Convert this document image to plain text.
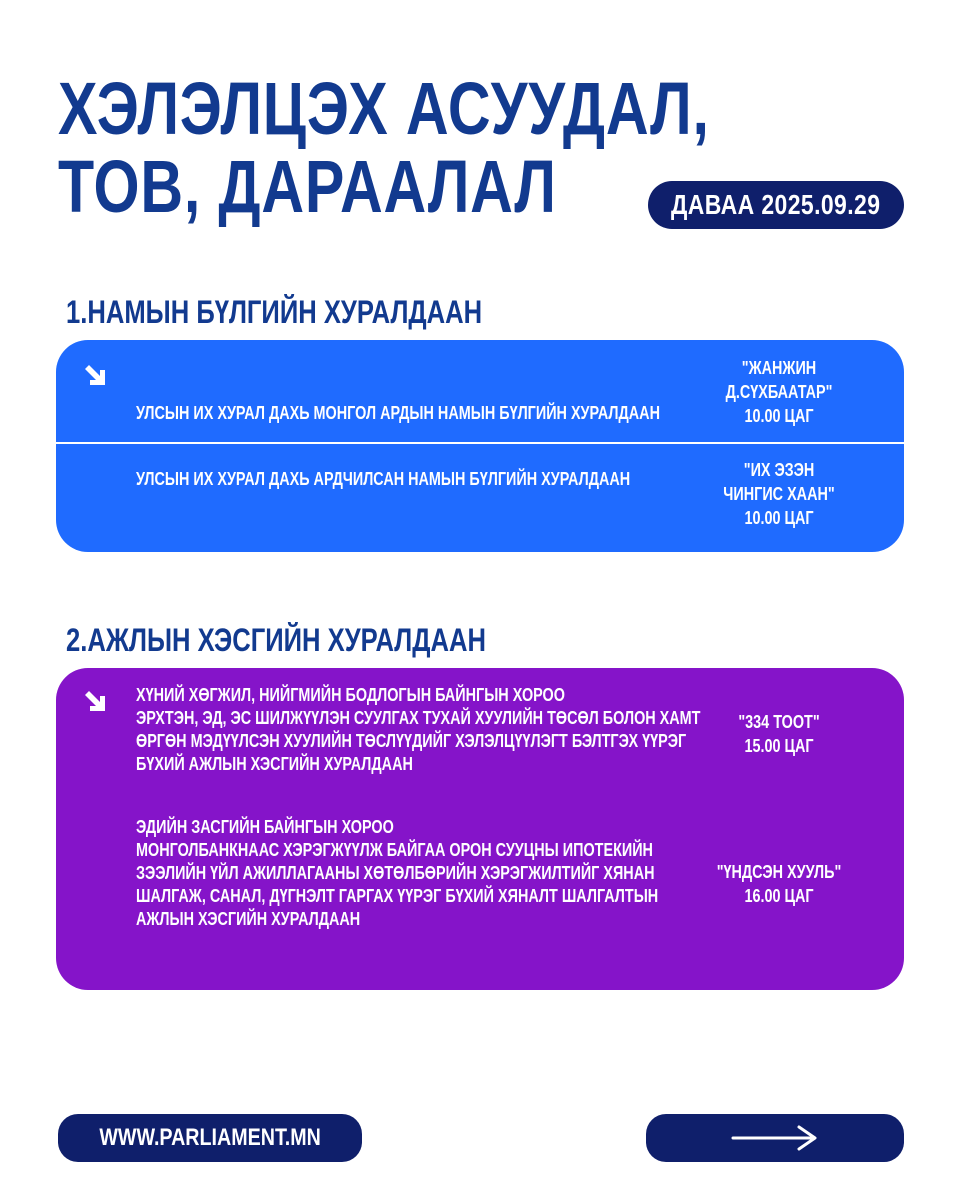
ХЭЛЭЛЦЭХ АСУУДАЛ,
ТОВ, ДАРААЛАЛ	ДАВАА 2025.09.29
1.НАМЫН БҮЛГИЙН ХУРАЛДААН
УЛСЫН ИХ ХУРАЛ ДАХЬ МОНГОЛ АРДЫН НАМЫН БҮЛГИЙН ХУРАЛДААН
"ЖАНЖИН
Д.СҮХБААТАР"
10.00 ЦАГ
УЛСЫН ИХ ХУРАЛ ДАХЬ АРДЧИЛСАН НАМЫН БҮЛГИЙН ХУРАЛДААН	"ИХ ЭЗЭН
ЧИНГИС ХААН"
10.00 ЦАГ
2.АЖЛЫН ХЭСГИЙН ХУРАЛДААН
ХҮНИЙ ХӨГЖИЛ, НИЙГМИЙН БОДЛОГЫН БАЙНГЫН ХОРОО
ЭРХТЭН, ЭД, ЭС ШИЛЖҮҮЛЭН СУУЛГАХ ТУХАЙ ХУУЛИЙН ТӨСӨЛ БОЛОН ХАМТ
ӨРГӨН МЭДҮҮЛСЭН ХУУЛИЙН ТӨСЛҮҮДИЙГ ХЭЛЭЛЦҮҮЛЭГТ БЭЛТГЭХ ҮҮРЭГ
БҮХИЙ АЖЛЫН ХЭСГИЙН ХУРАЛДААН
"334 ТООТ"
15.00 ЦАГ
ЭДИЙН ЗАСГИЙН БАЙНГЫН ХОРОО
МОНГОЛБАНКНААС ХЭРЭГЖҮҮЛЖ БАЙГАА ОРОН СУУЦНЫ ИПОТЕКИЙН
ЗЭЭЛИЙН ҮЙЛ АЖИЛЛАГААНЫ ХӨТӨЛБӨРИЙН ХЭРЭГЖИЛТИЙГ ХЯНАН
ШАЛГАЖ, САНАЛ, ДҮГНЭЛТ ГАРГАХ ҮҮРЭГ БҮХИЙ ХЯНАЛТ ШАЛГАЛТЫН
АЖЛЫН ХЭСГИЙН ХУРАЛДААН
"ҮНДСЭН ХУУЛЬ"
16.00 ЦАГ
WWW.PARLIAMENT.MN
